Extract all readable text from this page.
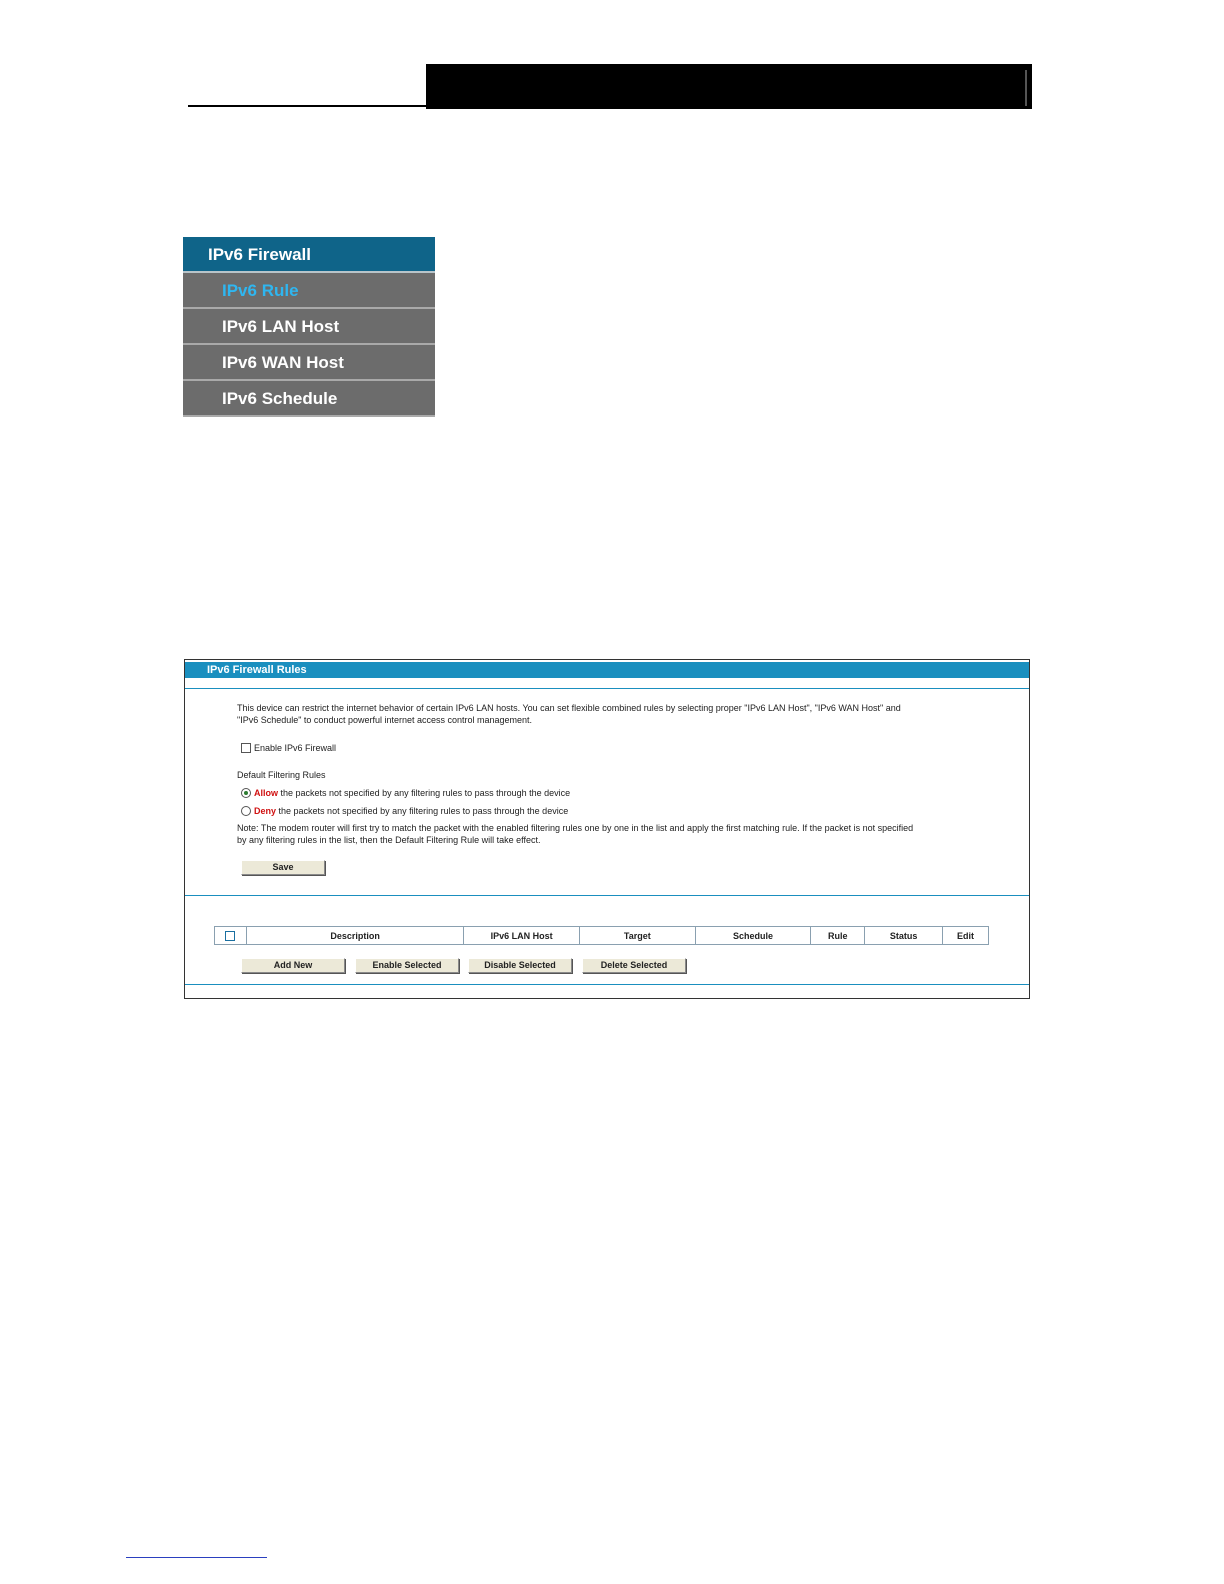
IPv6 Firewall
IPv6 Rule
IPv6 LAN Host
IPv6 WAN Host
IPv6 Schedule
IPv6 Firewall Rules
This device can restrict the internet behavior of certain IPv6 LAN hosts. You can set flexible combined rules by selecting proper "IPv6 LAN Host", "IPv6 WAN Host" and
"IPv6 Schedule" to conduct powerful internet access control management.
Enable IPv6 Firewall
Default Filtering Rules
Allow the packets not specified by any filtering rules to pass through the device
Deny the packets not specified by any filtering rules to pass through the device
Note: The modem router will first try to match the packet with the enabled filtering rules one by one in the list and apply the first matching rule. If the packet is not specified
by any filtering rules in the list, then the Default Filtering Rule will take effect.
Save
	Description	IPv6 LAN Host	Target	Schedule	Rule	Status	Edit
Add New	Enable Selected	Disable Selected	Delete Selected
